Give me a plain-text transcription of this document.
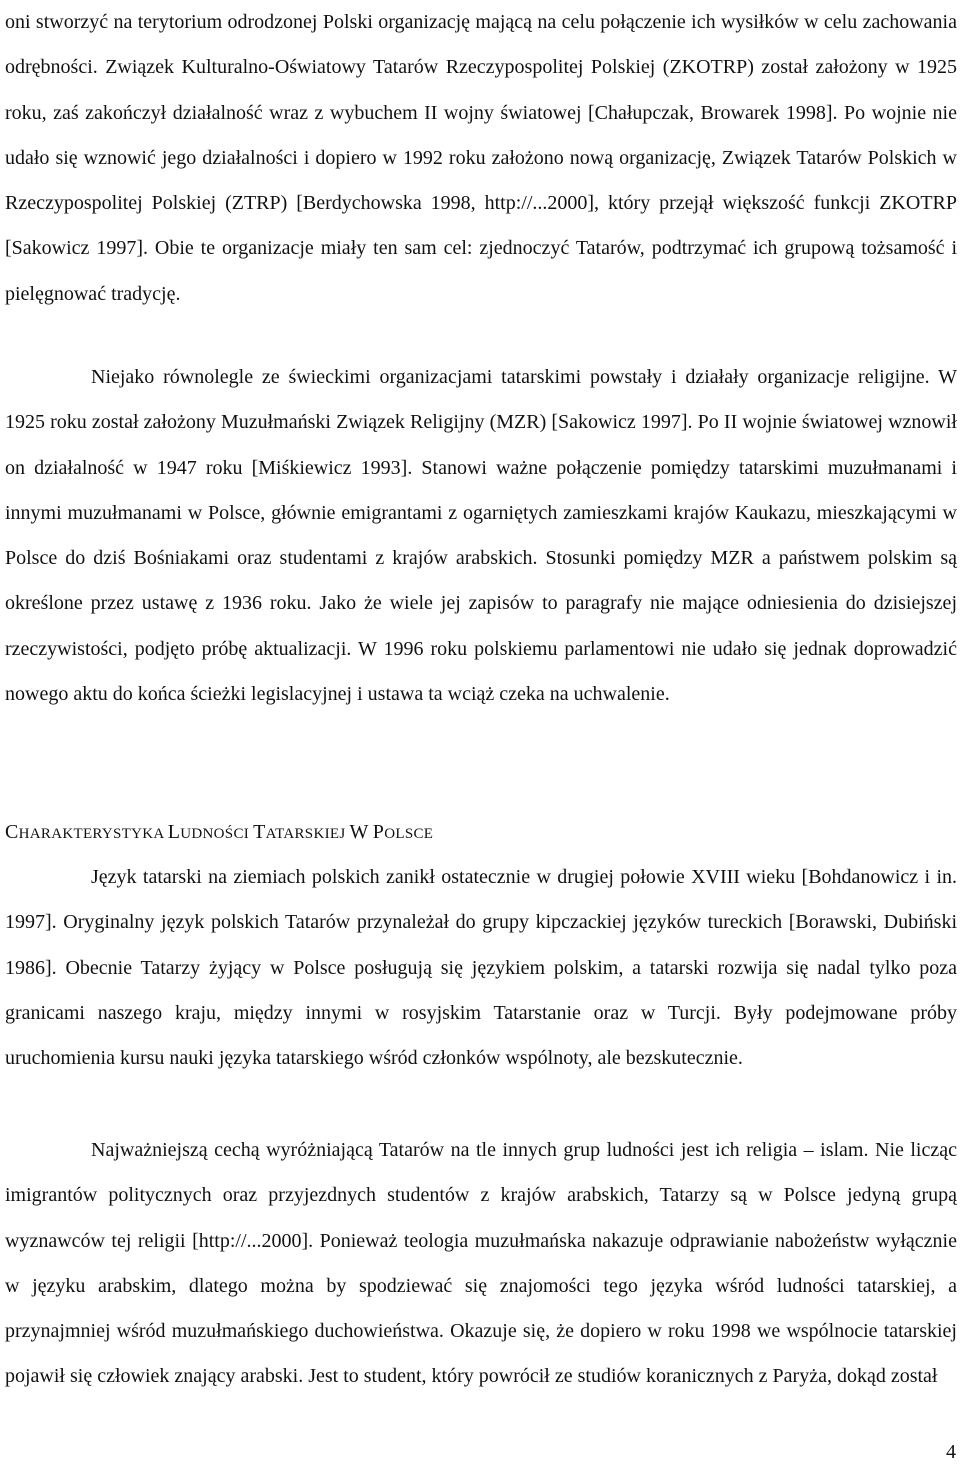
oni stworzyć na terytorium odrodzonej Polski organizację mającą na celu połączenie ich wysiłków w celu zachowania odrębności. Związek Kulturalno-Oświatowy Tatarów Rzeczypospolitej Polskiej (ZKOTRP) został założony w 1925 roku, zaś zakończył działalność wraz z wybuchem II wojny światowej [Chałupczak, Browarek 1998]. Po wojnie nie udało się wznowić jego działalności i dopiero w 1992 roku założono nową organizację, Związek Tatarów Polskich w Rzeczypospolitej Polskiej (ZTRP) [Berdychowska 1998, http://...2000], który przejął większość funkcji ZKOTRP [Sakowicz 1997]. Obie te organizacje miały ten sam cel: zjednoczyć Tatarów, podtrzymać ich grupową tożsamość i pielęgnować tradycję.

Niejako równolegle ze świeckimi organizacjami tatarskimi powstały i działały organizacje religijne. W 1925 roku został założony Muzułmański Związek Religijny (MZR) [Sakowicz 1997]. Po II wojnie światowej wznowił on działalność w 1947 roku [Miśkiewicz 1993]. Stanowi ważne połączenie pomiędzy tatarskimi muzułmanami i innymi muzułmanami w Polsce, głównie emigrantami z ogarniętych zamieszkami krajów Kaukazu, mieszkającymi w Polsce do dziś Bośniakami oraz studentami z krajów arabskich. Stosunki pomiędzy MZR a państwem polskim są określone przez ustawę z 1936 roku. Jako że wiele jej zapisów to paragrafy nie mające odniesienia do dzisiejszej rzeczywistości, podjęto próbę aktualizacji. W 1996 roku polskiemu parlamentowi nie udało się jednak doprowadzić nowego aktu do końca ścieżki legislacyjnej i ustawa ta wciąż czeka na uchwalenie.

CHARAKTERYSTYKA LUDNOŚCI TATARSKIEJ W POLSCE

Język tatarski na ziemiach polskich zanikł ostatecznie w drugiej połowie XVIII wieku [Bohdanowicz i in. 1997]. Oryginalny język polskich Tatarów przynależał do grupy kipczackiej języków tureckich [Borawski, Dubiński 1986]. Obecnie Tatarzy żyjący w Polsce posługują się językiem polskim, a tatarski rozwija się nadal tylko poza granicami naszego kraju, między innymi w rosyjskim Tatarstanie oraz w Turcji. Były podejmowane próby uruchomienia kursu nauki języka tatarskiego wśród członków wspólnoty, ale bezskutecznie.

Najważniejszą cechą wyróżniającą Tatarów na tle innych grup ludności jest ich religia – islam. Nie licząc imigrantów politycznych oraz przyjezdnych studentów z krajów arabskich, Tatarzy są w Polsce jedyną grupą wyznawców tej religii [http://...2000]. Ponieważ teologia muzułmańska nakazuje odprawianie nabożeństw wyłącznie w języku arabskim, dlatego można by spodziewać się znajomości tego języka wśród ludności tatarskiej, a przynajmniej wśród muzułmańskiego duchowieństwa. Okazuje się, że dopiero w roku 1998 we wspólnocie tatarskiej pojawił się człowiek znający arabski. Jest to student, który powrócił ze studiów koranicznych z Paryża, dokąd został

4
